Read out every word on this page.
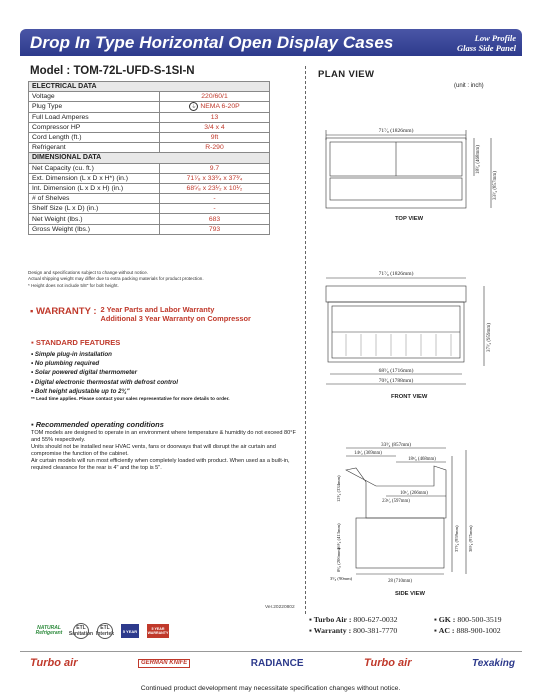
Drop In Type Horizontal Open Display Cases	Low Profile
Glass Side Panel
Model : TOM-72L-UFD-S-1SI-N
ELECTRICAL DATA	
Voltage	220/60/1
Plug Type	⏚ NEMA 6-20P

Full Load Amperes	13
Compressor HP	3/4 x 4
Cord Length (ft.)	9ft
Refrigerant	R-290
DIMENSIONAL DATA	
Net Capacity (cu. ft.)	9.7
Ext. Dimension (L x D x H*) (in.)	71⁷⁄₈ x 33³⁄₄ x 37³⁄₄
Int. Dimension (L x D x H) (in.)	68⁵⁄₈ x 23¹⁄₂ x 10¹⁄₂
# of Shelves	-
Shelf Size (L x D) (in.)	-
Net Weight (lbs.)	683
Gross Weight (lbs.)	793
Design and specifications subject to change without notice.
Actual shipping weight may differ due to extra packing materials for product protection.
* Height does not include 5/8" for bolt height.
▪ WARRANTY : 2 Year Parts and Labor Warranty
Additional 3 Year Warranty on Compressor
▪ STANDARD FEATURES
• Simple plug-in installation
• No plumbing required
• Solar powered digital thermometer
• Digital electronic thermostat with defrost control
• Bolt height adjustable up to 2¾"
** Lead time applies. Please contact your sales representative for more details to order.
▪ Recommended operating conditions

TOM models are designed to operate in an environment where temperature & humidity do not exceed 80°F and 55% respectively.

Units should not be installed near HVAC vents, fans or doorways that will disrupt the air curtain and compromise the function of the cabinet.

Air curtain models will run most efficiently when completely loaded with product. When used as a built-in, required clearance for the rear is 4" and the top is 5".

Ver.20220802
PLAN VIEW
(unit : inch)
71⁷⁄₈ (1826mm)
18³⁄₈ (468mm)
33³⁄₄ (857mm)
71⁷⁄₈ (1826mm)
68⁵⁄₈ (1716mm)
70³⁄₈ (1788mm)
37³⁄₄ (959mm)
33³⁄₄ (857mm)
14¹⁄₂ (369mm)
18³⁄₈ (468mm)
10¹⁄₂ (266mm)
23¹⁄₂ (597mm)
12¹⁄₄ (334mm)
16¹⁄₄ (413mm)
8¹⁄₈ (206mm)
3⁵⁄₈ (90mm)
28 (710mm)
37³⁄₄ (959mm) 38³⁄₈ (975mm)
TOP VIEW
FRONT VIEW
SIDE VIEW
▪ Turbo Air : 800-627-0032	▪ GK : 800-500-3519
▪ Warranty : 800-381-7770	▪ AC : 888-900-1002
NATURAL Refrigerant
ETL Sanitation
ETL Intertek	5 YEAR	5 YEAR WARRANTY
Turbo air	GERMAN KNIFE	RADIANCE	Turbo air	Texaking
Continued product development may necessitate specification changes without notice.
